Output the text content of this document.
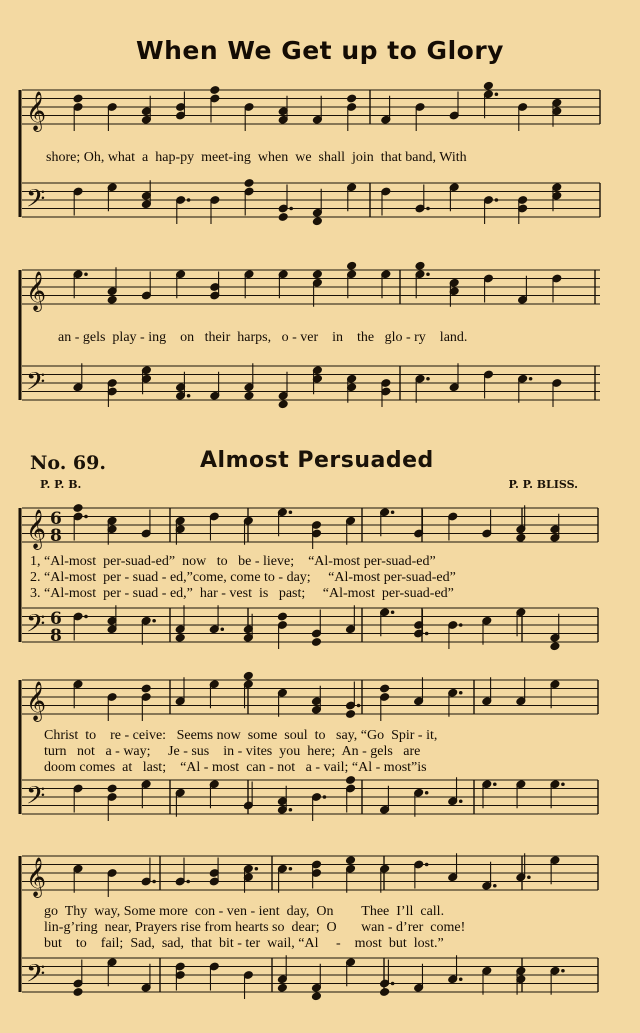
𝄞
𝄢
𝄞
𝄢
𝄞
𝄢
𝄞
𝄢
𝄞
𝄢
6
8
6
8
When We Get up to Glory
shore; Oh, what  a  hap-py  meet-ing  when  we  shall  join  that band, With
an - gels  play - ing    on   their  harps,   o - ver    in    the   glo - ry    land.
No. 69.	Almost Persuaded
P. P. B.	P. P. BLISS.
1, “Al-most  per-suad-ed”  now   to   be - lieve;    “Al-most per-suad-ed”
2. “Al-most  per - suad - ed,”come, come to - day;     “Al-most per-suad-ed”
3. “Al-most  per - suad - ed,”  har - vest  is   past;     “Al-most  per-suad-ed”
Christ  to    re - ceive:   Seems now  some  soul  to   say, “Go  Spir - it,
turn   not   a - way;     Je - sus    in - vites  you  here;  An - gels   are
doom comes  at   last;    “Al - most  can - not   a - vail; “Al - most”is
go  Thy  way, Some more  con - ven - ient  day,  On        Thee  I’ll  call.
lin-g’ring  near, Prayers rise from hearts so  dear;  O       wan - d’rer  come!
but    to    fail;  Sad,  sad,  that  bit - ter  wail, “Al     -    most  but  lost.”
